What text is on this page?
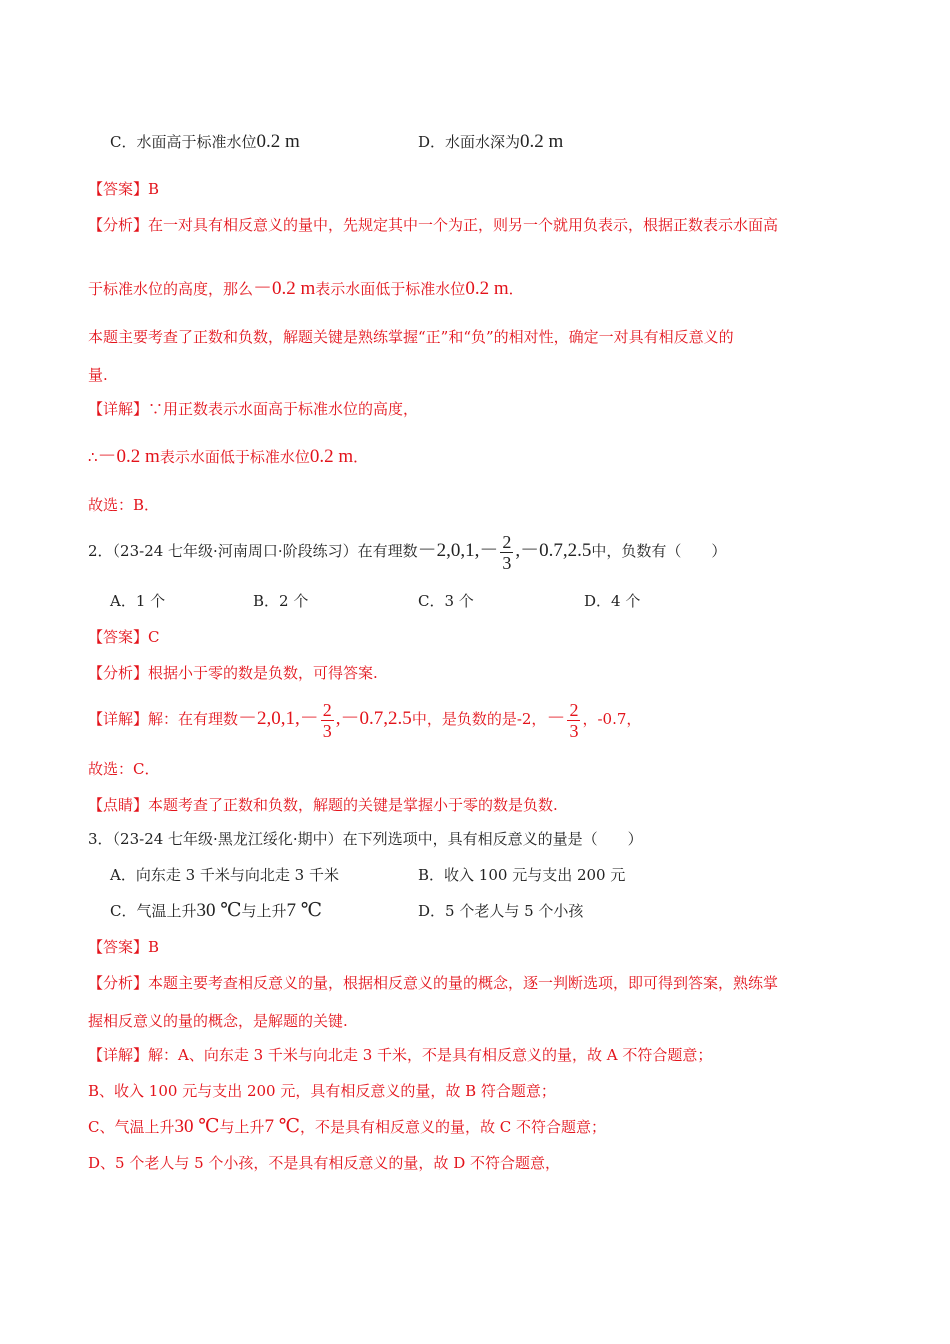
C．水面高于标准水位0.2 m	D．水面水深为0.2 m
【答案】B
【分析】在一对具有相反意义的量中，先规定其中一个为正，则另一个就用负表示，根据正数表示水面高
于标准水位的高度，那么－0.2 m表示水面低于标准水位0.2 m．
本题主要考查了正数和负数，解题关键是熟练掌握“正”和“负”的相对性，确定一对具有相反意义的
量.
【详解】∵用正数表示水面高于标准水位的高度，
∴－0.2 m表示水面低于标准水位0.2 m．
故选：B．
2．（23-24 七年级·河南周口·阶段练习）在有理数$-2,0,1,- \frac{2}{3} ,-0.7,2.5$中，负数有（　　）
A．1 个	B．2 个	C．3 个	D．4 个
【答案】C
【分析】根据小于零的数是负数，可得答案.
【详解】解：在有理数$-2,0,1,- \frac{2}{3} ,-0.7,2.5$中，是负数的是-2，－ $\frac{2}{3}$ ，-0.7，
故选：C．
【点睛】本题考查了正数和负数，解题的关键是掌握小于零的数是负数.
3．（23-24 七年级·黑龙江绥化·期中）在下列选项中，具有相反意义的量是（　　）
A．向东走 3 千米与向北走 3 千米	B．收入 100 元与支出 200 元
C．气温上升30 ℃与上升7 ℃	D．5 个老人与 5 个小孩
【答案】B
【分析】本题主要考查相反意义的量，根据相反意义的量的概念，逐一判断选项，即可得到答案，熟练掌
握相反意义的量的概念，是解题的关键.
【详解】解：A、向东走 3 千米与向北走 3 千米，不是具有相反意义的量，故 A 不符合题意；
B、收入 100 元与支出 200 元，具有相反意义的量，故 B 符合题意；
C、气温上升30 ℃与上升7 ℃，不是具有相反意义的量，故 C 不符合题意；
D、5 个老人与 5 个小孩，不是具有相反意义的量，故 D 不符合题意，
